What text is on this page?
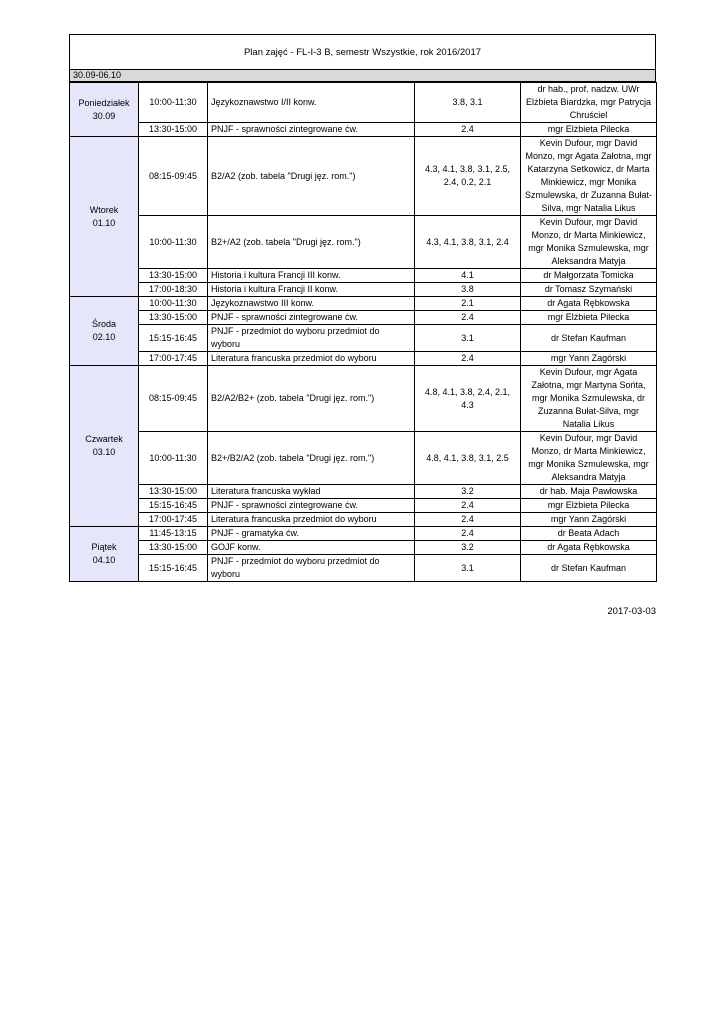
Plan zajęć - FL-I-3 B, semestr Wszystkie, rok 2016/2017
30.09-06.10
Poniedziałek
30.09	10:00-11:30	Językoznawstwo I/II konw.	3.8, 3.1	dr hab., prof. nadzw. UWr Elżbieta Biardzka, mgr Patrycja Chruściel
	13:30-15:00	PNJF - sprawności zintegrowane ćw.	2.4	mgr Elżbieta Pilecka

Wtorek
01.10	08:15-09:45	B2/A2 (zob. tabela "Drugi jęz. rom.")	4.3, 4.1, 3.8, 3.1, 2.5, 2.4, 0.2, 2.1	Kevin Dufour, mgr David Monzo, mgr Agata Załotna, mgr Katarzyna Setkowicz, dr Marta Minkiewicz, mgr Monika Szmulewska, dr Zuzanna Bułat-Silva, mgr Natalia Likus
	10:00-11:30	B2+/A2 (zob. tabela "Drugi jęz. rom.")	4.3, 4.1, 3.8, 3.1, 2.4	Kevin Dufour, mgr David Monzo, dr Marta Minkiewicz, mgr Monika Szmulewska, mgr Aleksandra Matyja
	13:30-15:00	Historia i kultura Francji III konw.	4.1	dr Małgorzata Tomicka
	17:00-18:30	Historia i kultura Francji II konw.	3.8	dr Tomasz Szymański

Środa
02.10	10:00-11:30	Językoznawstwo III konw.	2.1	dr Agata Rębkowska
	13:30-15:00	PNJF - sprawności zintegrowane ćw.	2.4	mgr Elżbieta Pilecka
	15:15-16:45	PNJF - przedmiot do wyboru przedmiot do wyboru	3.1	dr Stefan Kaufman
	17:00-17:45	Literatura francuska przedmiot do wyboru	2.4	mgr Yann Zagórski

Czwartek
03.10	08:15-09:45	B2/A2/B2+ (zob. tabela "Drugi jęz. rom.")	4.8, 4.1, 3.8, 2.4, 2.1, 4.3	Kevin Dufour, mgr Agata Załotna, mgr Martyna Sońta, mgr Monika Szmulewska, dr Zuzanna Bułat-Silva, mgr Natalia Likus
	10:00-11:30	B2+/B2/A2 (zob. tabela "Drugi jęz. rom.")	4.8, 4.1, 3.8, 3.1, 2.5	Kevin Dufour, mgr David Monzo, dr Marta Minkiewicz, mgr Monika Szmulewska, mgr Aleksandra Matyja
	13:30-15:00	Literatura francuska wykład	3.2	dr hab. Maja Pawłowska
	15:15-16:45	PNJF - sprawności zintegrowane ćw.	2.4	mgr Elżbieta Pilecka
	17:00-17:45	Literatura francuska przedmiot do wyboru	2.4	mgr Yann Zagórski

Piątek
04.10	11:45-13:15	PNJF - gramatyka ćw.	2.4	dr Beata Adach
	13:30-15:00	GOJF konw.	3.2	dr Agata Rębkowska
	15:15-16:45	PNJF - przedmiot do wyboru przedmiot do wyboru	3.1	dr Stefan Kaufman
2017-03-03
